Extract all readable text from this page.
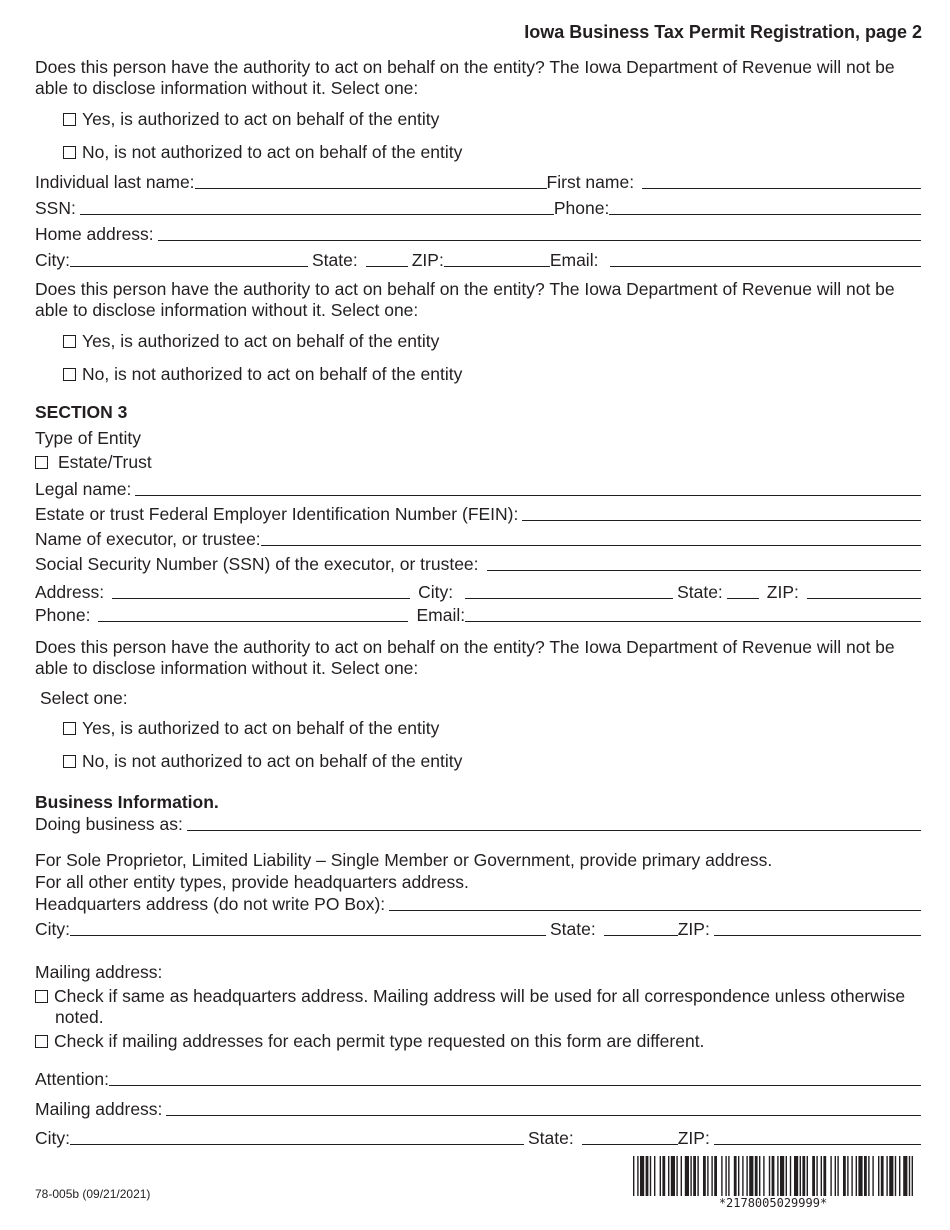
Iowa Business Tax Permit Registration, page 2
Does this person have the authority to act on behalf on the entity? The Iowa Department of Revenue will not be able to disclose information without it. Select one:
Yes, is authorized to act on behalf of the entity
No, is not authorized to act on behalf of the entity
Individual last name:	First name:
SSN:	Phone:
Home address:
City:	State:	ZIP:	Email:
Does this person have the authority to act on behalf on the entity? The Iowa Department of Revenue will not be able to disclose information without it. Select one:
Yes, is authorized to act on behalf of the entity
No, is not authorized to act on behalf of the entity
SECTION 3
Type of Entity
Estate/Trust
Legal name:
Estate or trust Federal Employer Identification Number (FEIN):
Name of executor, or trustee:
Social Security Number (SSN) of the executor, or trustee:
Address:	City:	State:	ZIP:
Phone:	Email:
Does this person have the authority to act on behalf on the entity? The Iowa Department of Revenue will not be able to disclose information without it. Select one:
Select one:
Yes, is authorized to act on behalf of the entity
No, is not authorized to act on behalf of the entity
Business Information.
Doing business as:
For Sole Proprietor, Limited Liability – Single Member or Government, provide primary address.
For all other entity types, provide headquarters address.
Headquarters address (do not write PO Box):
City:	State:	ZIP:
Mailing address:
Check if same as headquarters address. Mailing address will be used for all correspondence unless otherwise noted.
Check if mailing addresses for each permit type requested on this form are different.
Attention:
Mailing address:
City:	State:	ZIP:
78-005b (09/21/2021)
*2178005029999*
